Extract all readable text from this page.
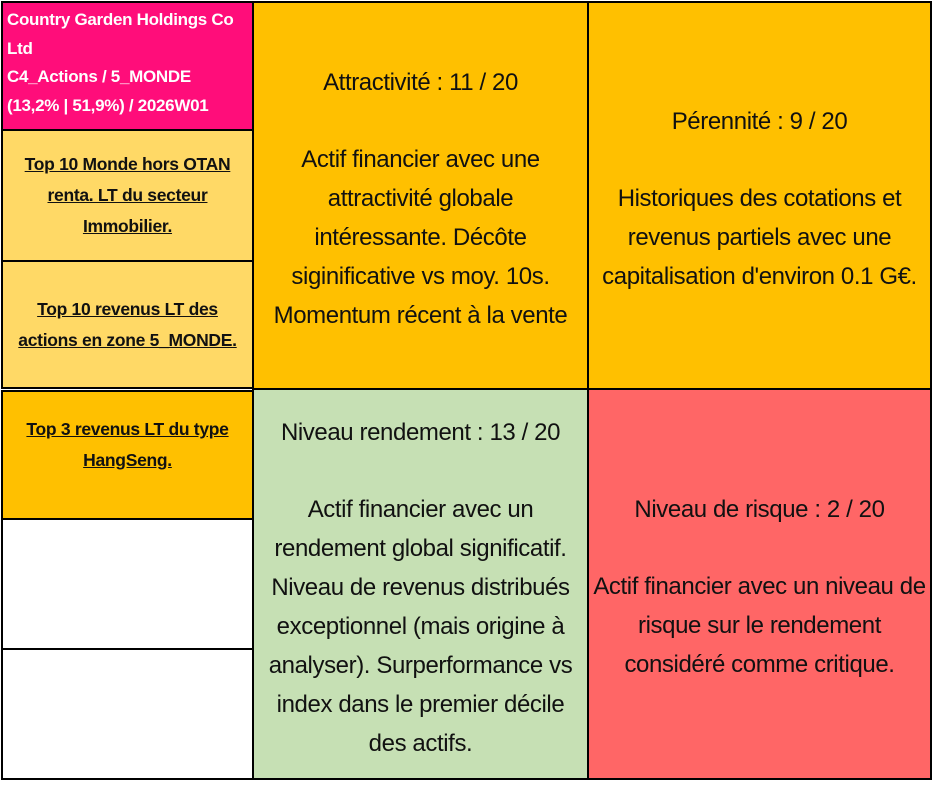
Country Garden Holdings Co
Ltd
C4_Actions / 5_MONDE
(13,2% | 51,9%) / 2026W01
Top 10 Monde hors OTAN
renta. LT du secteur
Immobilier.
Top 10 revenus LT des
actions en zone 5_MONDE.
Top 3 revenus LT du type
HangSeng.
Attractivité : 11 / 20
Actif financier avec une
attractivité globale
intéressante. Décôte
siginificative vs moy. 10s.
Momentum récent à la vente
Pérennité : 9 / 20
Historiques des cotations et
revenus partiels avec une
capitalisation d'environ 0.1 G€.
Niveau rendement : 13 / 20
Actif financier avec un
rendement global significatif.
Niveau de revenus distribués
exceptionnel (mais origine à
analyser). Surperformance vs
index dans le premier décile
des actifs.
Niveau de risque : 2 / 20
Actif financier avec un niveau de
risque sur le rendement
considéré comme critique.
